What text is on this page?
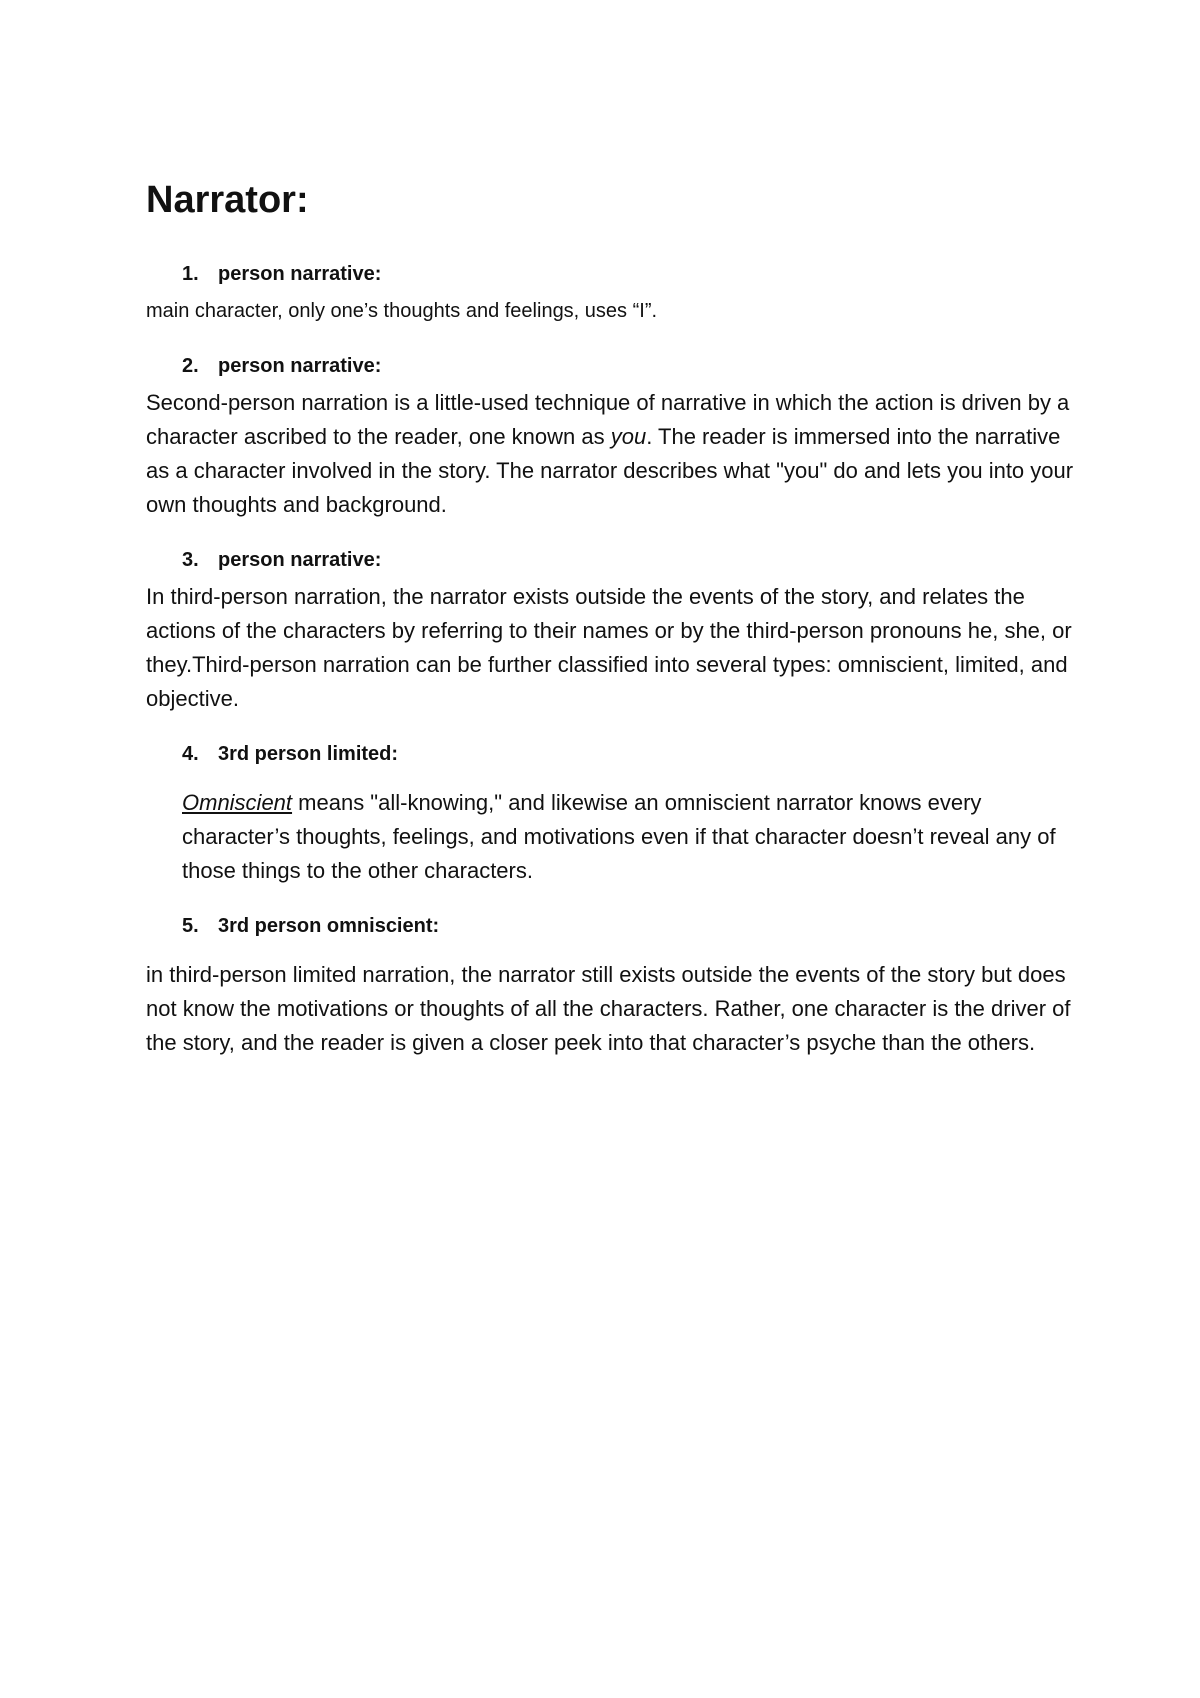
Narrator:
1. person narrative:

main character, only one’s thoughts and feelings, uses “I”.

2. person narrative:

Second-person narration is a little-used technique of narrative in which the action is driven by a character ascribed to the reader, one known as you. The reader is immersed into the narrative as a character involved in the story. The narrator describes what "you" do and lets you into your own thoughts and background.

3. person narrative:

In third-person narration, the narrator exists outside the events of the story, and relates the actions of the characters by referring to their names or by the third-person pronouns he, she, or they.Third-person narration can be further classified into several types: omniscient, limited, and objective.

4. 3rd person limited:

Omniscient means "all-knowing," and likewise an omniscient narrator knows every character’s thoughts, feelings, and motivations even if that character doesn’t reveal any of those things to the other characters.

5. 3rd person omniscient:

in third-person limited narration, the narrator still exists outside the events of the story but does not know the motivations or thoughts of all the characters. Rather, one character is the driver of the story, and the reader is given a closer peek into that character’s psyche than the others.
